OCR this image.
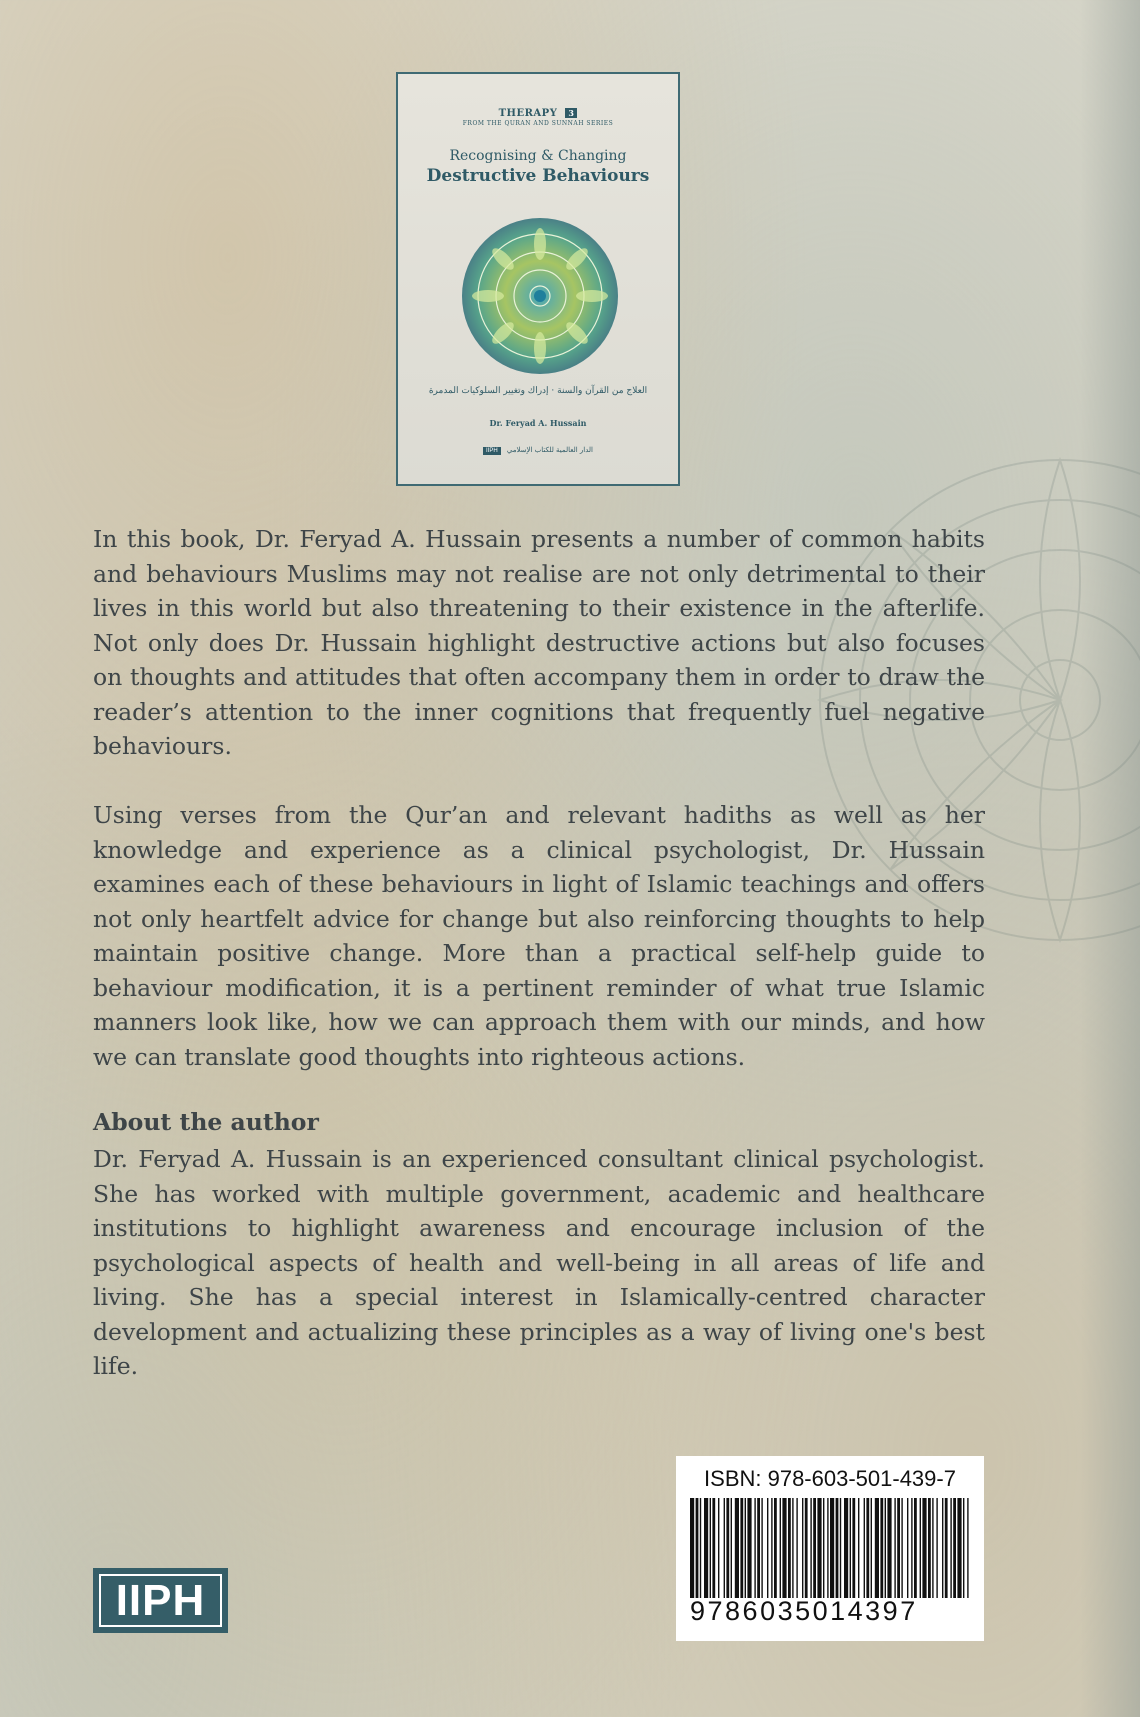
THERAPY 3
FROM THE QURAN AND SUNNAH SERIES
Recognising & Changing
Destructive Behaviours
العلاج من القرآن والسنة · إدراك وتغيير السلوكيات المدمرة
Dr. Feryad A. Hussain
IIPH الدار العالمية للكتاب الإسلامي

In this book, Dr. Feryad A. Hussain presents a number of common habits and behaviours Muslims may not realise are not only detrimental to their lives in this world but also threatening to their existence in the afterlife. Not only does Dr. Hussain highlight destructive actions but also focuses on thoughts and attitudes that often accompany them in order to draw the reader’s attention to the inner cognitions that frequently fuel negative behaviours.

Using verses from the Qur’an and relevant hadiths as well as her knowledge and experience as a clinical psychologist, Dr. Hussain examines each of these behaviours in light of Islamic teachings and offers not only heartfelt advice for change but also reinforcing thoughts to help maintain positive change. More than a practical self-help guide to behaviour modification, it is a pertinent reminder of what true Islamic manners look like, how we can approach them with our minds, and how we can translate good thoughts into righteous actions.

About the author

Dr. Feryad A. Hussain is an experienced consultant clinical psychologist. She has worked with multiple government, academic and healthcare institutions to highlight awareness and encourage inclusion of the psychological aspects of health and well-being in all areas of life and living. She has a special interest in Islamically-centred character development and actualizing these principles as a way of living one's best life.

ISBN: 978-603-501-439-7
9786035014397
IIPH
